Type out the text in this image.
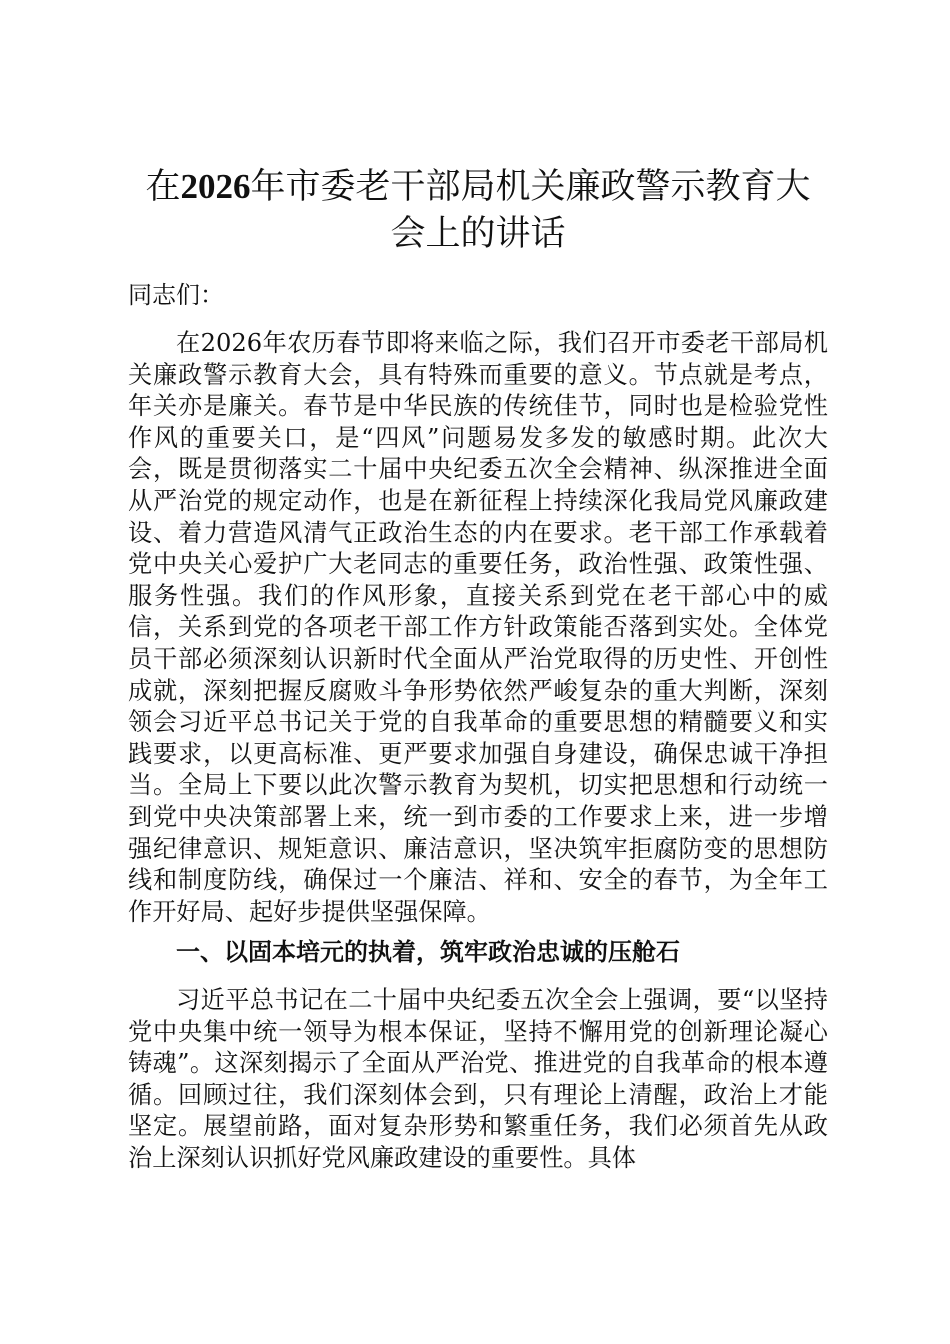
在2026年市委老干部局机关廉政警示教育大会上的讲话

同志们：

在2026年农历春节即将来临之际，我们召开市委老干部局机关廉政警示教育大会，具有特殊而重要的意义。节点就是考点，年关亦是廉关。春节是中华民族的传统佳节，同时也是检验党性作风的重要关口，是“四风”问题易发多发的敏感时期。此次大会，既是贯彻落实二十届中央纪委五次全会精神、纵深推进全面从严治党的规定动作，也是在新征程上持续深化我局党风廉政建设、着力营造风清气正政治生态的内在要求。老干部工作承载着党中央关心爱护广大老同志的重要任务，政治性强、政策性强、服务性强。我们的作风形象，直接关系到党在老干部心中的威信，关系到党的各项老干部工作方针政策能否落到实处。全体党员干部必须深刻认识新时代全面从严治党取得的历史性、开创性成就，深刻把握反腐败斗争形势依然严峻复杂的重大判断，深刻领会习近平总书记关于党的自我革命的重要思想的精髓要义和实践要求，以更高标准、更严要求加强自身建设，确保忠诚干净担当。全局上下要以此次警示教育为契机，切实把思想和行动统一到党中央决策部署上来，统一到市委的工作要求上来，进一步增强纪律意识、规矩意识、廉洁意识，坚决筑牢拒腐防变的思想防线和制度防线，确保过一个廉洁、祥和、安全的春节，为全年工作开好局、起好步提供坚强保障。

一、以固本培元的执着，筑牢政治忠诚的压舱石

习近平总书记在二十届中央纪委五次全会上强调，要“以坚持党中央集中统一领导为根本保证，坚持不懈用党的创新理论凝心铸魂”。这深刻揭示了全面从严治党、推进党的自我革命的根本遵循。回顾过往，我们深刻体会到，只有理论上清醒，政治上才能坚定。展望前路，面对复杂形势和繁重任务，我们必须首先从政治上深刻认识抓好党风廉政建设的重要性。具体
